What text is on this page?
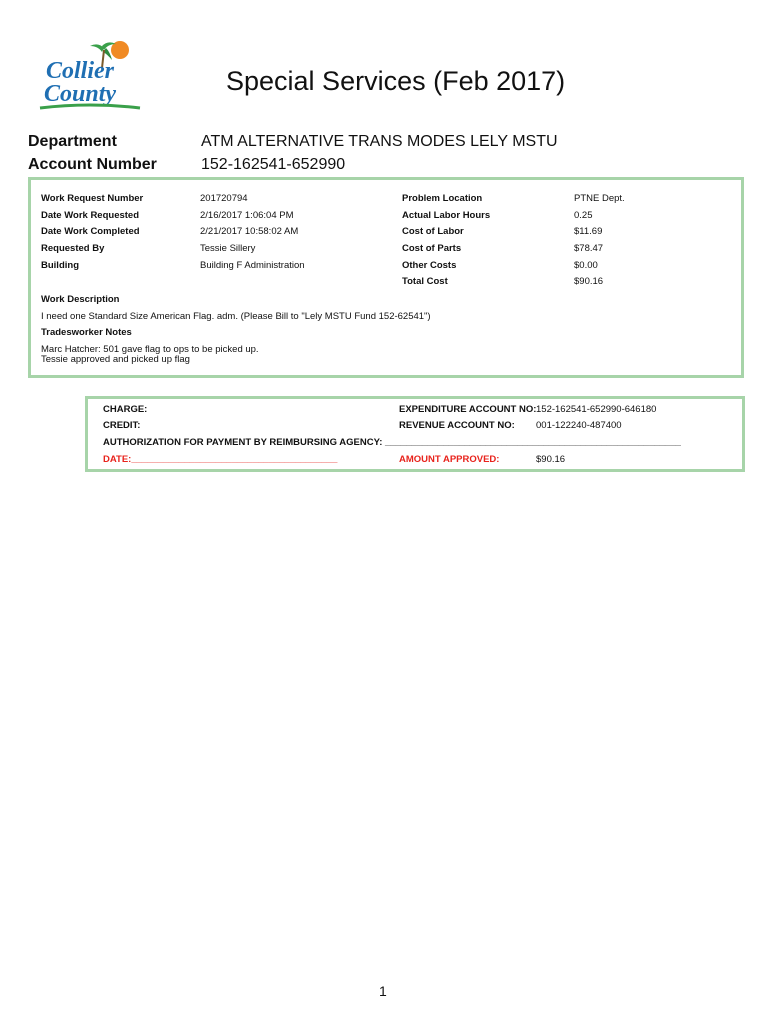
Collier
County	Special Services (Feb 2017)
Department	ATM ALTERNATIVE TRANS MODES LELY MSTU
Account Number	152-162541-652990
Work Request Number	201720794
Date Work Requested	2/16/2017 1:06:04 PM
Date Work Completed	2/21/2017 10:58:02 AM
Requested By	Tessie Sillery
Building	Building F Administration
Problem Location	PTNE Dept.
Actual Labor Hours	0.25
Cost of Labor	$11.69
Cost of Parts	$78.47
Other Costs	$0.00
Total Cost	$90.16
Work Description
I need one Standard Size American Flag. adm. (Please Bill to "Lely MSTU Fund 152-62541")
Tradesworker Notes
Marc Hatcher: 501 gave flag to ops to be picked up.
Tessie approved and picked up flag
CHARGE:
CREDIT:
EXPENDITURE ACCOUNT NO: 152-162541-652990-646180
REVENUE ACCOUNT NO: 001-122240-487400
AUTHORIZATION FOR PAYMENT BY REIMBURSING AGENCY: ________________________________________________________
DATE:_______________________________________	AMOUNT APPROVED:	$90.16
1
